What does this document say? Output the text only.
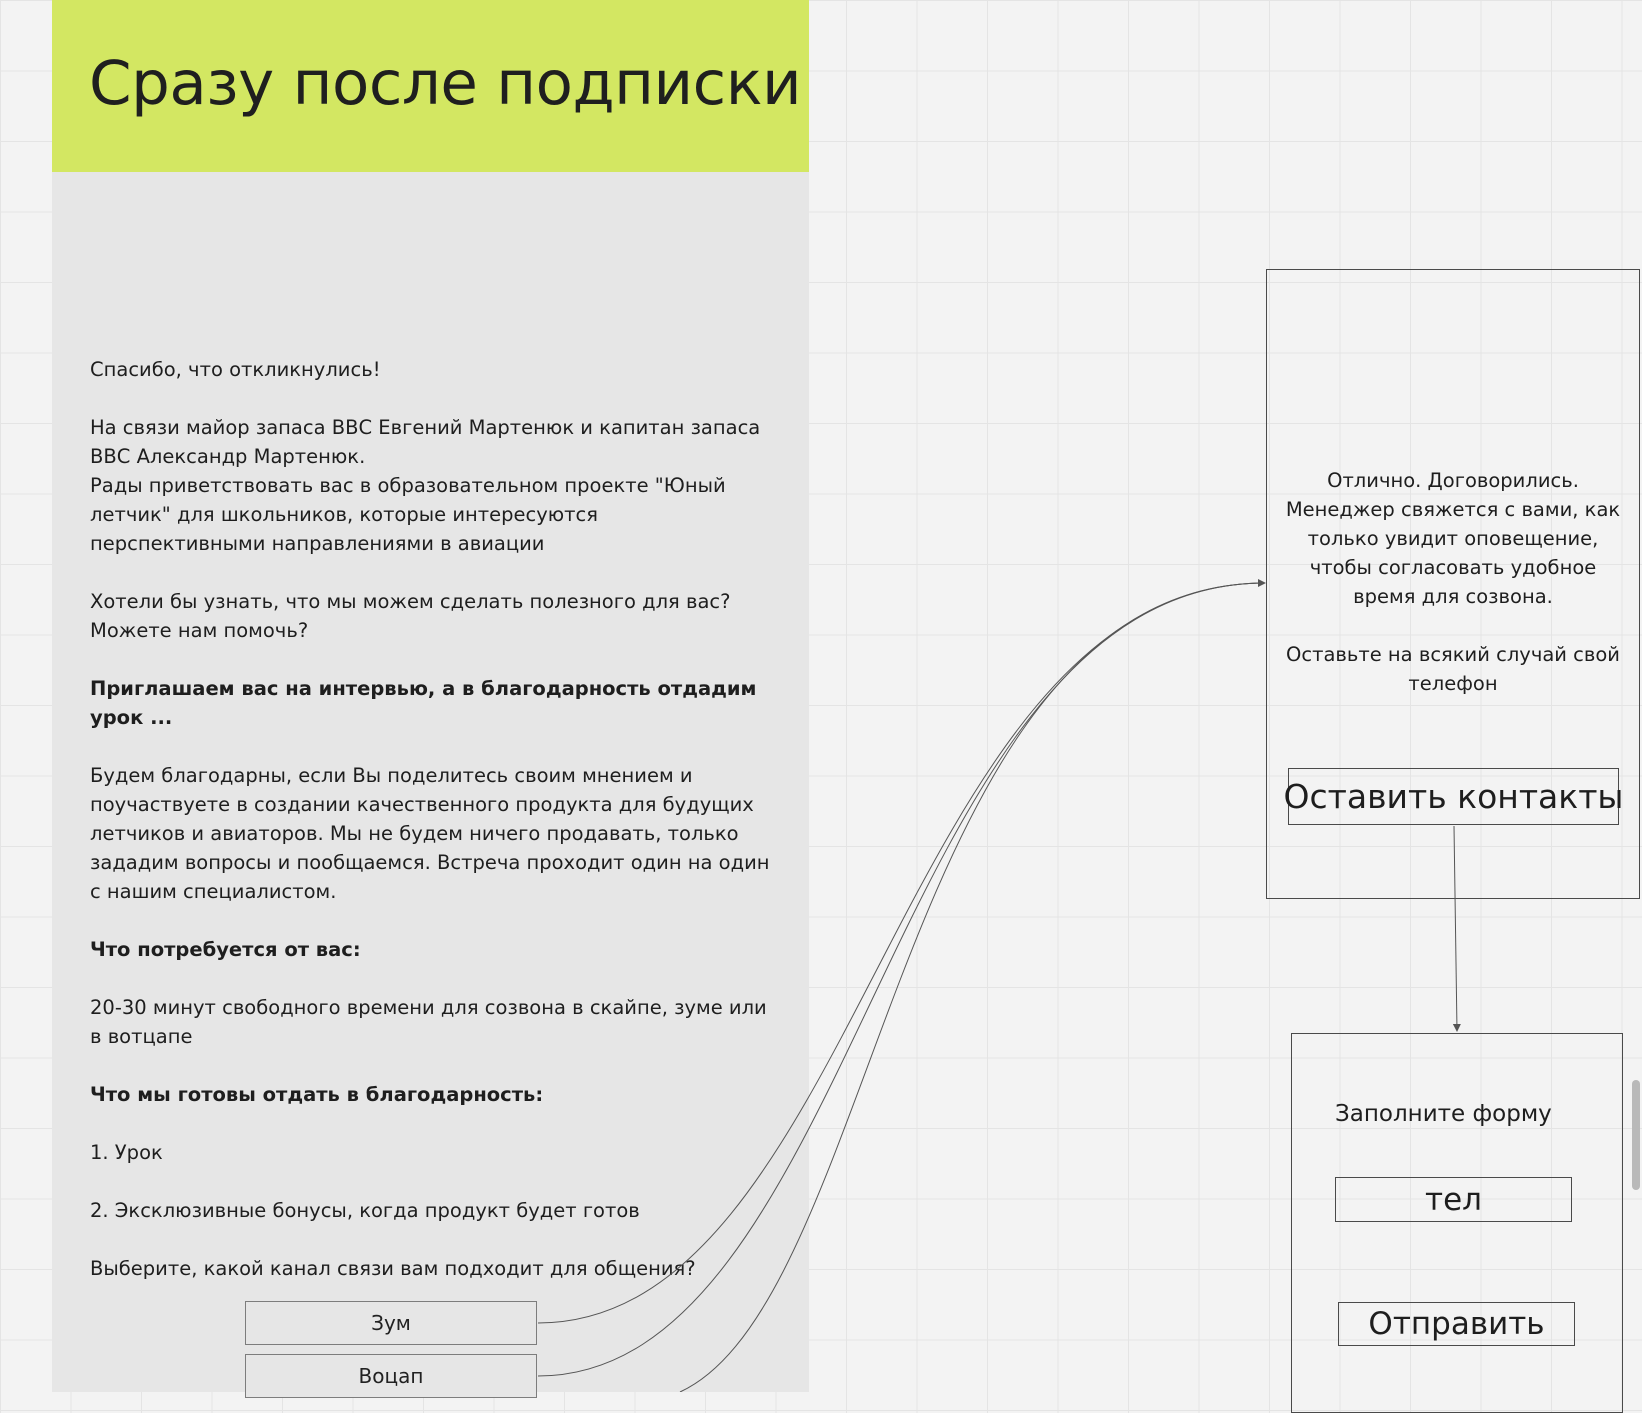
Сразу после подписки

Спасибо, что откликнулись!

На связи майор запаса ВВС Евгений Мартенюк и капитан запаса
ВВС Александр Мартенюк.
Рады приветствовать вас в образовательном проекте "Юный
летчик" для школьников, которые интересуются
перспективными направлениями в авиации

Хотели бы узнать, что мы можем сделать полезного для вас?
Можете нам помочь?

Приглашаем вас на интервью, а в благодарность отдадим
урок ...

Будем благодарны, если Вы поделитесь своим мнением и
поучаствуете в создании качественного продукта для будущих
летчиков и авиаторов. Мы не будем ничего продавать, только
зададим вопросы и пообщаемся. Встреча проходит один на один
с нашим специалистом.

Что потребуется от вас:

20-30 минут свободного времени для созвона в скайпе, зуме или
в вотцапе

Что мы готовы отдать в благодарность:

1. Урок

2. Эксклюзивные бонусы, когда продукт будет готов

Выберите, какой канал связи вам подходит для общения?

Зум
Воцап

Отлично. Договорились.
Менеджер свяжется с вами, как
только увидит оповещение,
чтобы согласовать удобное
время для созвона.

Оставьте на всякий случай свой
телефон

Оставить контакты
Заполните форму
тел
Отправить
